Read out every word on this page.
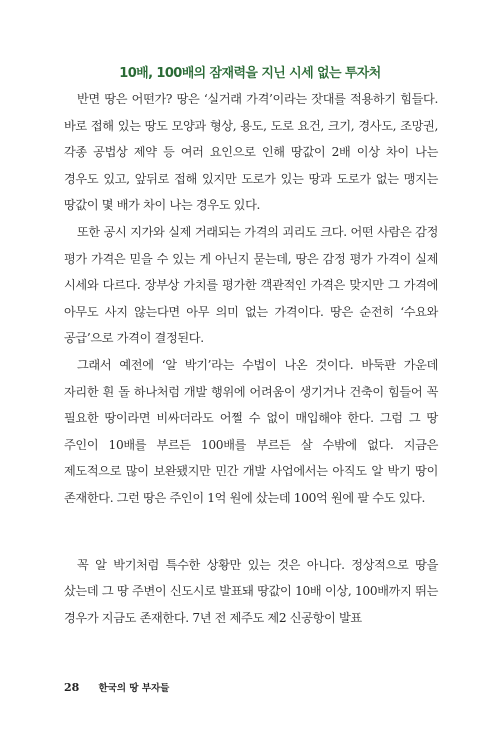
10배, 100배의 잠재력을 지닌 시세 없는 투자처

반면 땅은 어떤가? 땅은 ‘실거래 가격’이라는 잣대를 적용하기 힘들다. 바로 접해 있는 땅도 모양과 형상, 용도, 도로 요건, 크기, 경사도, 조망권, 각종 공법상 제약 등 여러 요인으로 인해 땅값이 2배 이상 차이 나는 경우도 있고, 앞뒤로 접해 있지만 도로가 있는 땅과 도로가 없는 맹지는 땅값이 몇 배가 차이 나는 경우도 있다.

또한 공시 지가와 실제 거래되는 가격의 괴리도 크다. 어떤 사람은 감정 평가 가격은 믿을 수 있는 게 아닌지 묻는데, 땅은 감정 평가 가격이 실제 시세와 다르다. 장부상 가치를 평가한 객관적인 가격은 맞지만 그 가격에 아무도 사지 않는다면 아무 의미 없는 가격이다. 땅은 순전히 ‘수요와 공급’으로 가격이 결정된다.

그래서 예전에 ‘알 박기’라는 수법이 나온 것이다. 바둑판 가운데 자리한 흰 돌 하나처럼 개발 행위에 어려움이 생기거나 건축이 힘들어 꼭 필요한 땅이라면 비싸더라도 어쩔 수 없이 매입해야 한다. 그럼 그 땅 주인이 10배를 부르든 100배를 부르든 살 수밖에 없다. 지금은 제도적으로 많이 보완됐지만 민간 개발 사업에서는 아직도 알 박기 땅이 존재한다. 그런 땅은 주인이 1억 원에 샀는데 100억 원에 팔 수도 있다.

꼭 알 박기처럼 특수한 상황만 있는 것은 아니다. 정상적으로 땅을 샀는데 그 땅 주변이 신도시로 발표돼 땅값이 10배 이상, 100배까지 뛰는 경우가 지금도 존재한다. 7년 전 제주도 제2 신공항이 발표

28 한국의 땅 부자들
